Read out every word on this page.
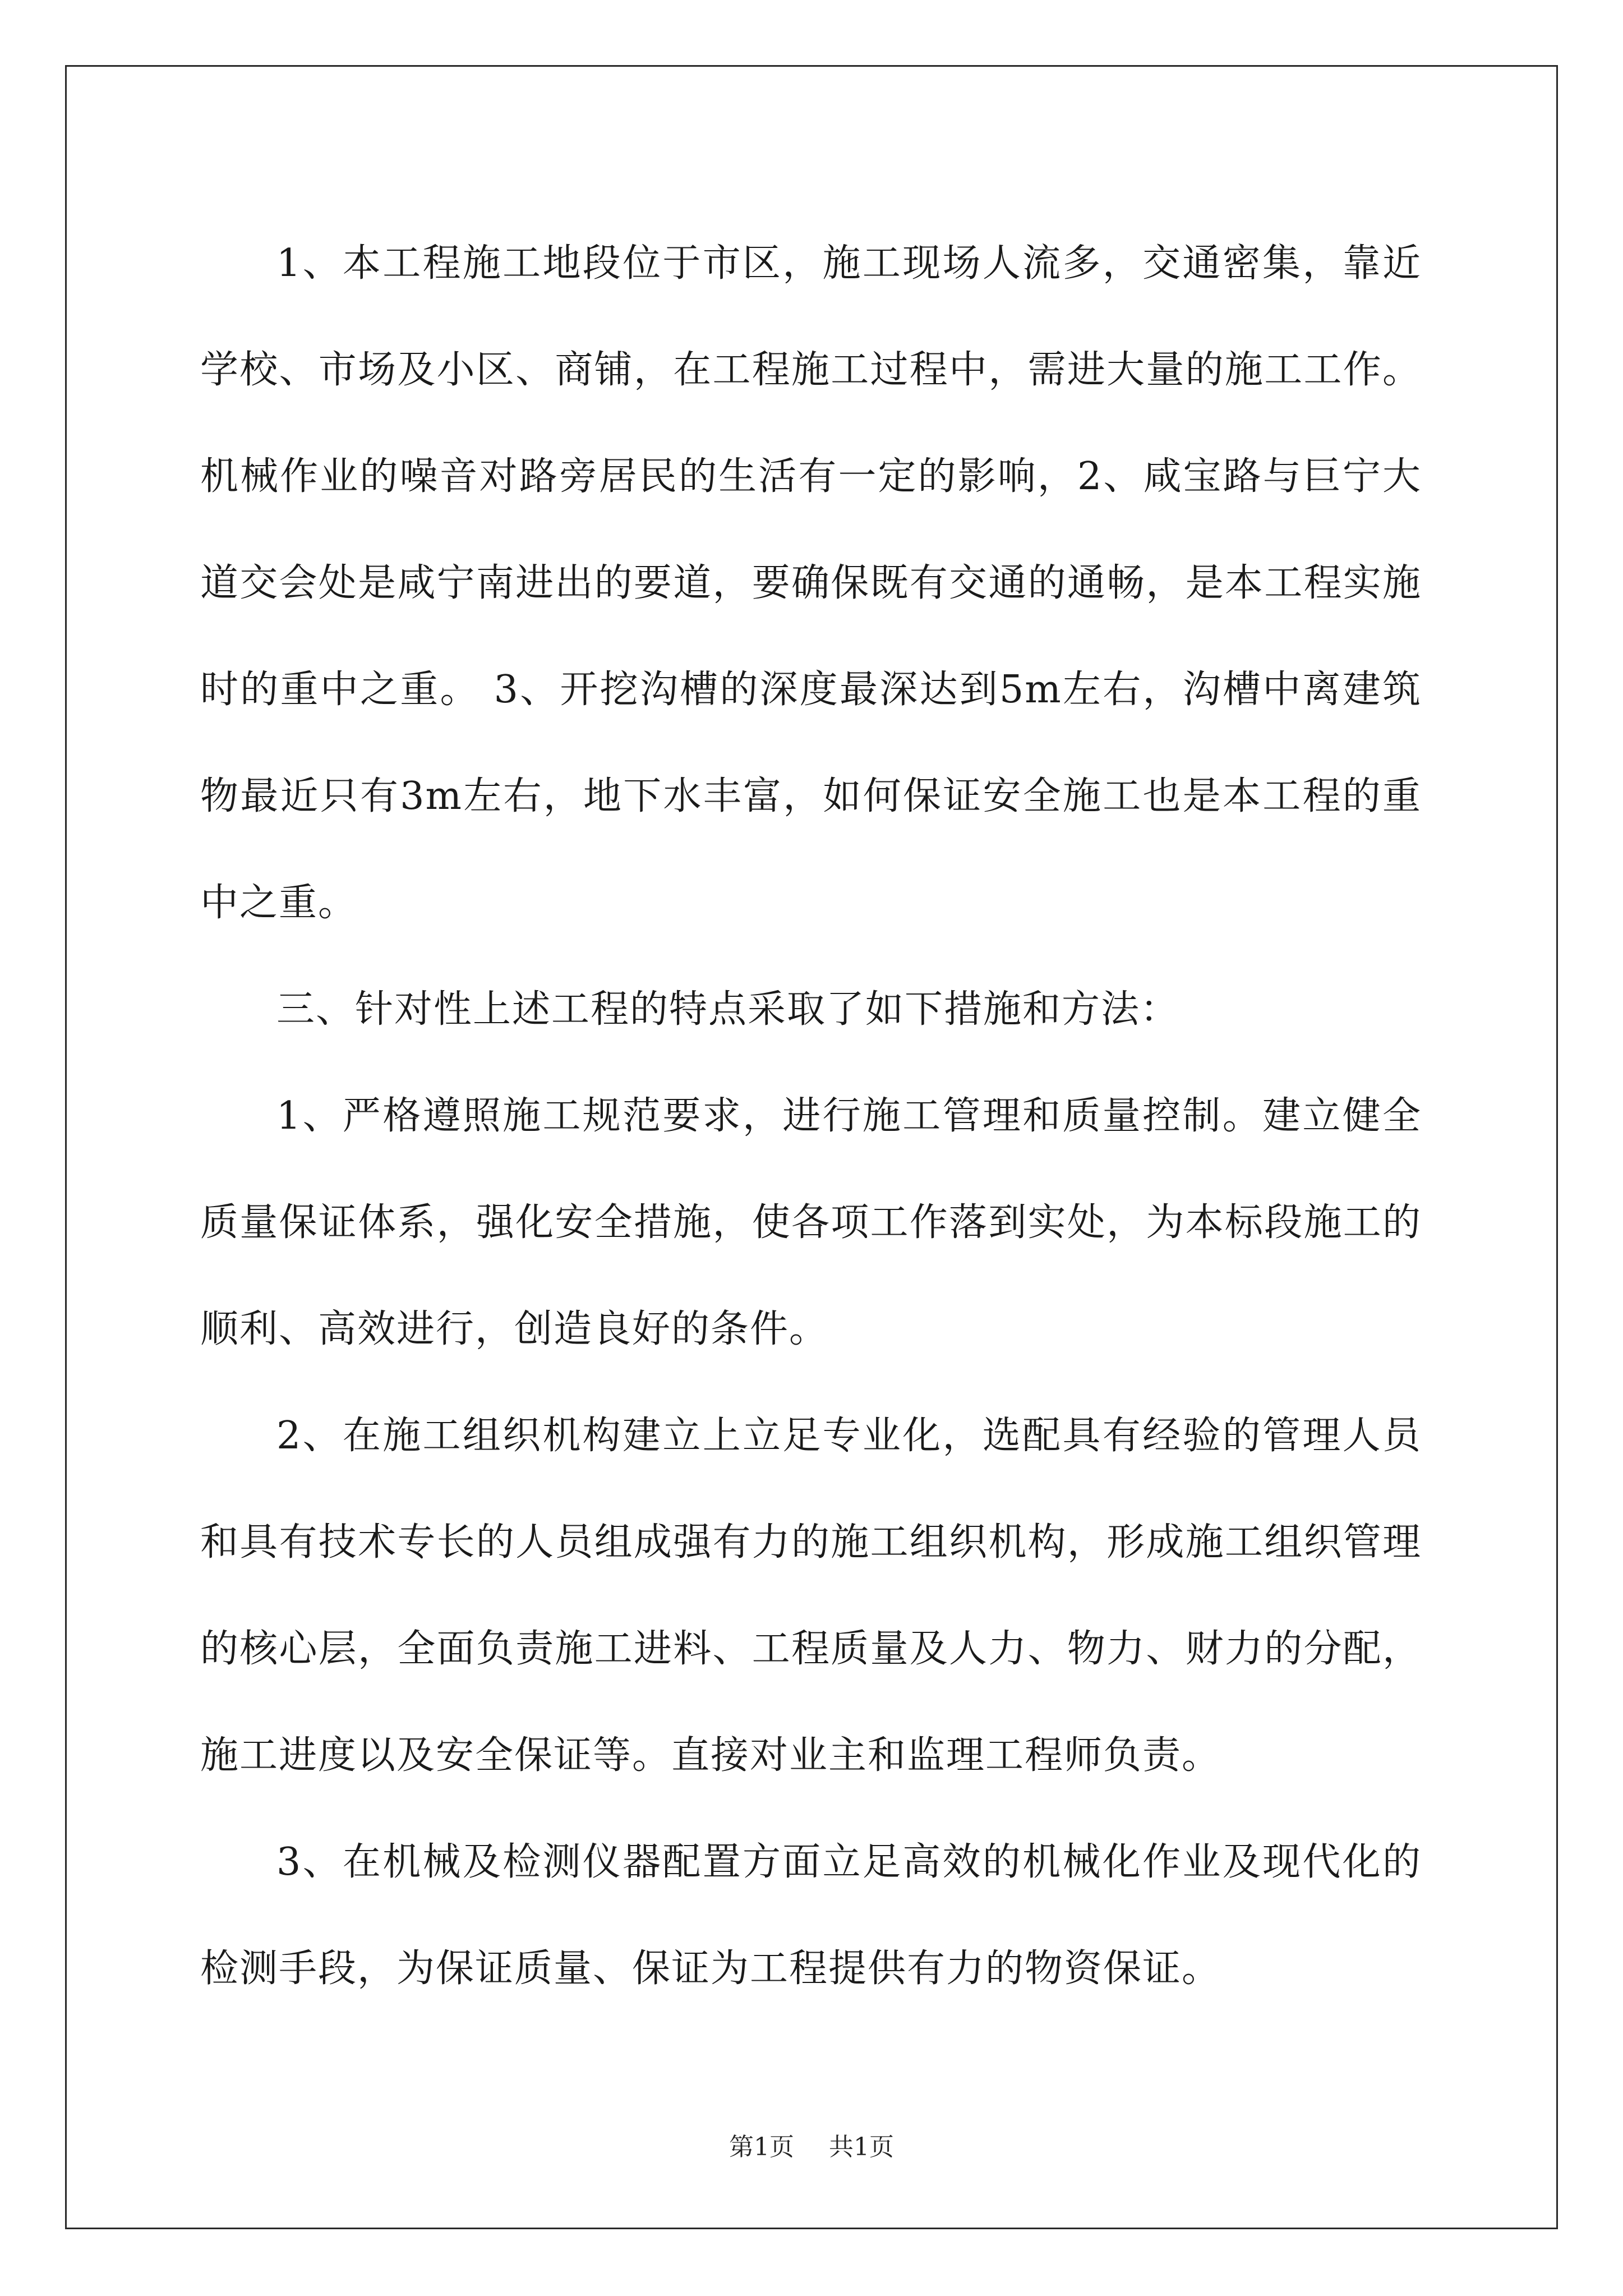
1、本工程施工地段位于市区，施工现场人流多，交通密集，靠近学校、市场及小区、商铺，在工程施工过程中，需进大量的施工工作。机械作业的噪音对路旁居民的生活有一定的影响，2、咸宝路与巨宁大道交会处是咸宁南进出的要道，要确保既有交通的通畅，是本工程实施时的重中之重。 3、开挖沟槽的深度最深达到5m左右，沟槽中离建筑物最近只有3m左右，地下水丰富，如何保证安全施工也是本工程的重中之重。

三、针对性上述工程的特点采取了如下措施和方法：

1、严格遵照施工规范要求，进行施工管理和质量控制。建立健全质量保证体系，强化安全措施，使各项工作落到实处，为本标段施工的顺利、高效进行，创造良好的条件。

2、在施工组织机构建立上立足专业化，选配具有经验的管理人员和具有技术专长的人员组成强有力的施工组织机构，形成施工组织管理的核心层，全面负责施工进料、工程质量及人力、物力、财力的分配，施工进度以及安全保证等。直接对业主和监理工程师负责。

3、在机械及检测仪器配置方面立足高效的机械化作业及现代化的检测手段，为保证质量、保证为工程提供有力的物资保证。

第1页 共1页
